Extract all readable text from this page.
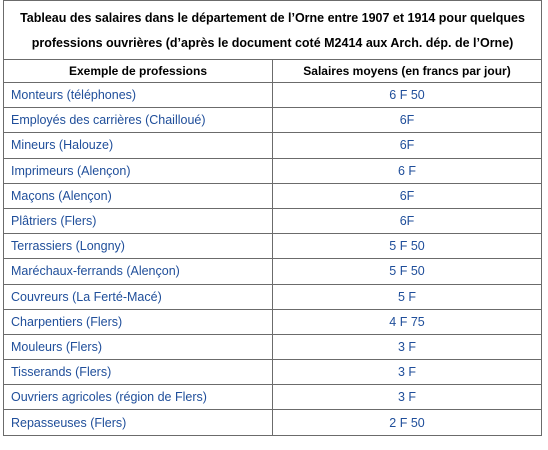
Tableau des salaires dans le département de l’Orne entre 1907 et 1914 pour quelques
professions ouvrières (d’après le document coté M2414 aux Arch. dép. de l’Orne)	

Exemple de professions	Salaires moyens (en francs par jour)
Monteurs (téléphones)	6 F 50
Employés des carrières (Chailloué)	6F
Mineurs (Halouze)	6F
Imprimeurs (Alençon)	6 F
Maçons (Alençon)	6F
Plâtriers (Flers)	6F
Terrassiers (Longny)	5 F 50
Maréchaux-ferrands (Alençon)	5 F 50
Couvreurs (La Ferté-Macé)	5 F
Charpentiers (Flers)	4 F 75
Mouleurs (Flers)	3 F
Tisserands (Flers)	3 F
Ouvriers agricoles (région de Flers)	3 F
Repasseuses (Flers)	2 F 50
